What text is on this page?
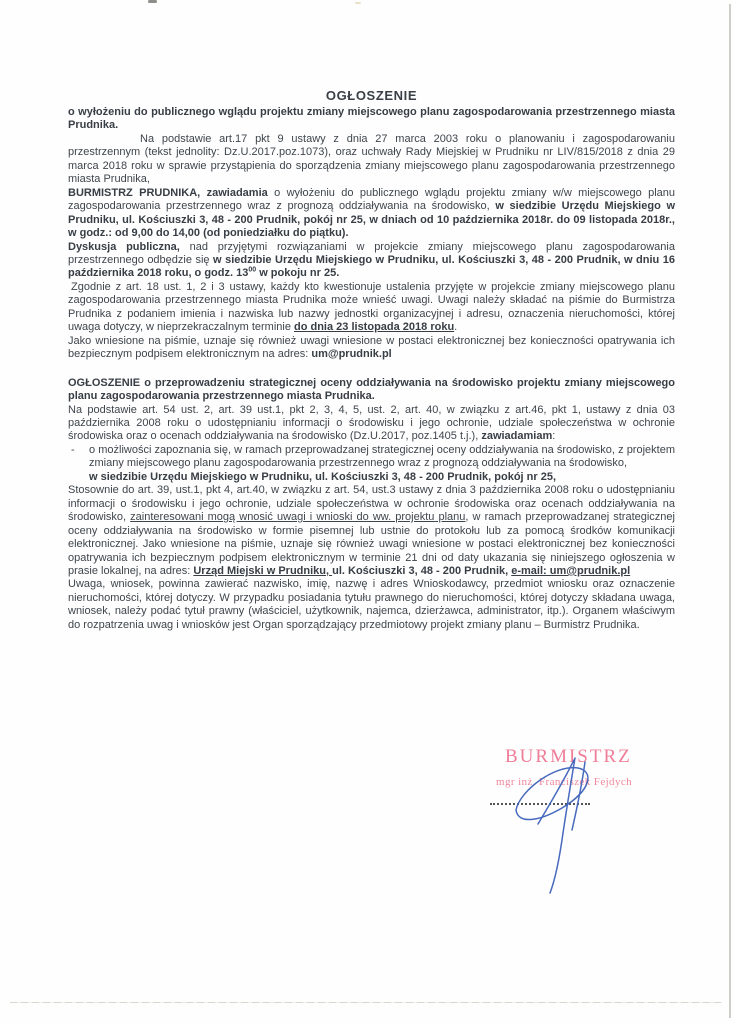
OGŁOSZENIE

o wyłożeniu do publicznego wglądu projektu zmiany miejscowego planu zagospodarowania przestrzennego miasta Prudnika.

Na podstawie art.17 pkt 9 ustawy z dnia 27 marca 2003 roku o planowaniu i zagospodarowaniu przestrzennym (tekst jednolity: Dz.U.2017.poz.1073), oraz uchwały Rady Miejskiej w Prudniku nr LIV/815/2018 z dnia 29 marca 2018 roku w sprawie przystąpienia do sporządzenia zmiany miejscowego planu zagospodarowania przestrzennego miasta Prudnika,

BURMISTRZ PRUDNIKA, zawiadamia o wyłożeniu do publicznego wglądu projektu zmiany w/w miejscowego planu zagospodarowania przestrzennego wraz z prognozą oddziaływania na środowisko, w siedzibie Urzędu Miejskiego w Prudniku, ul. Kościuszki 3, 48 - 200 Prudnik, pokój nr 25, w dniach od 10 października 2018r. do 09 listopada 2018r., w godz.: od 9,00 do 14,00 (od poniedziałku do piątku).

Dyskusja publiczna, nad przyjętymi rozwiązaniami w projekcie zmiany miejscowego planu zagospodarowania przestrzennego odbędzie się w siedzibie Urzędu Miejskiego w Prudniku, ul. Kościuszki 3, 48 - 200 Prudnik, w dniu 16 października 2018 roku, o godz. $13^{00}$ w pokoju nr 25.

Zgodnie z art. 18 ust. 1, 2 i 3 ustawy, każdy kto kwestionuje ustalenia przyjęte w projekcie zmiany miejscowego planu zagospodarowania przestrzennego miasta Prudnika może wnieść uwagi. Uwagi należy składać na piśmie do Burmistrza Prudnika z podaniem imienia i nazwiska lub nazwy jednostki organizacyjnej i adresu, oznaczenia nieruchomości, której uwaga dotyczy, w nieprzekraczalnym terminie do dnia 23 listopada 2018 roku.

Jako wniesione na piśmie, uznaje się również uwagi wniesione w postaci elektronicznej bez konieczności opatrywania ich bezpiecznym podpisem elektronicznym na adres: um@prudnik.pl

OGŁOSZENIE o przeprowadzeniu strategicznej oceny oddziaływania na środowisko projektu zmiany miejscowego planu zagospodarowania przestrzennego miasta Prudnika.

Na podstawie art. 54 ust. 2, art. 39 ust.1, pkt 2, 3, 4, 5, ust. 2, art. 40, w związku z art.46, pkt 1, ustawy z dnia 03 października 2008 roku o udostępnianiu informacji o środowisku i jego ochronie, udziale społeczeństwa w ochronie środowiska oraz o ocenach oddziaływania na środowisko (Dz.U.2017, poz.1405 t.j.), zawiadamiam:

- o możliwości zapoznania się, w ramach przeprowadzanej strategicznej oceny oddziaływania na środowisko, z projektem zmiany miejscowego planu zagospodarowania przestrzennego wraz z prognozą oddziaływania na środowisko,

w siedzibie Urzędu Miejskiego w Prudniku, ul. Kościuszki 3, 48 - 200 Prudnik, pokój nr 25,

Stosownie do art. 39, ust.1, pkt 4, art.40, w związku z art. 54, ust.3 ustawy z dnia 3 października 2008 roku o udostępnianiu informacji o środowisku i jego ochronie, udziale społeczeństwa w ochronie środowiska oraz ocenach oddziaływania na środowisko, zainteresowani mogą wnosić uwagi i wnioski do ww. projektu planu, w ramach przeprowadzanej strategicznej oceny oddziaływania na środowisko w formie pisemnej lub ustnie do protokołu lub za pomocą środków komunikacji elektronicznej. Jako wniesione na piśmie, uznaje się również uwagi wniesione w postaci elektronicznej bez konieczności opatrywania ich bezpiecznym podpisem elektronicznym w terminie 21 dni od daty ukazania się niniejszego ogłoszenia w prasie lokalnej, na adres: Urząd Miejski w Prudniku, ul. Kościuszki 3, 48 - 200 Prudnik, e-mail: um@prudnik.pl

Uwaga, wniosek, powinna zawierać nazwisko, imię, nazwę i adres Wnioskodawcy, przedmiot wniosku oraz oznaczenie nieruchomości, której dotyczy. W przypadku posiadania tytułu prawnego do nieruchomości, której dotyczy składana uwaga, wniosek, należy podać tytuł prawny (właściciel, użytkownik, najemca, dzierżawca, administrator, itp.). Organem właściwym do rozpatrzenia uwag i wniosków jest Organ sporządzający przedmiotowy projekt zmiany planu – Burmistrz Prudnika.

BURMISTRZ
mgr inż. Franciszek Fejdych
